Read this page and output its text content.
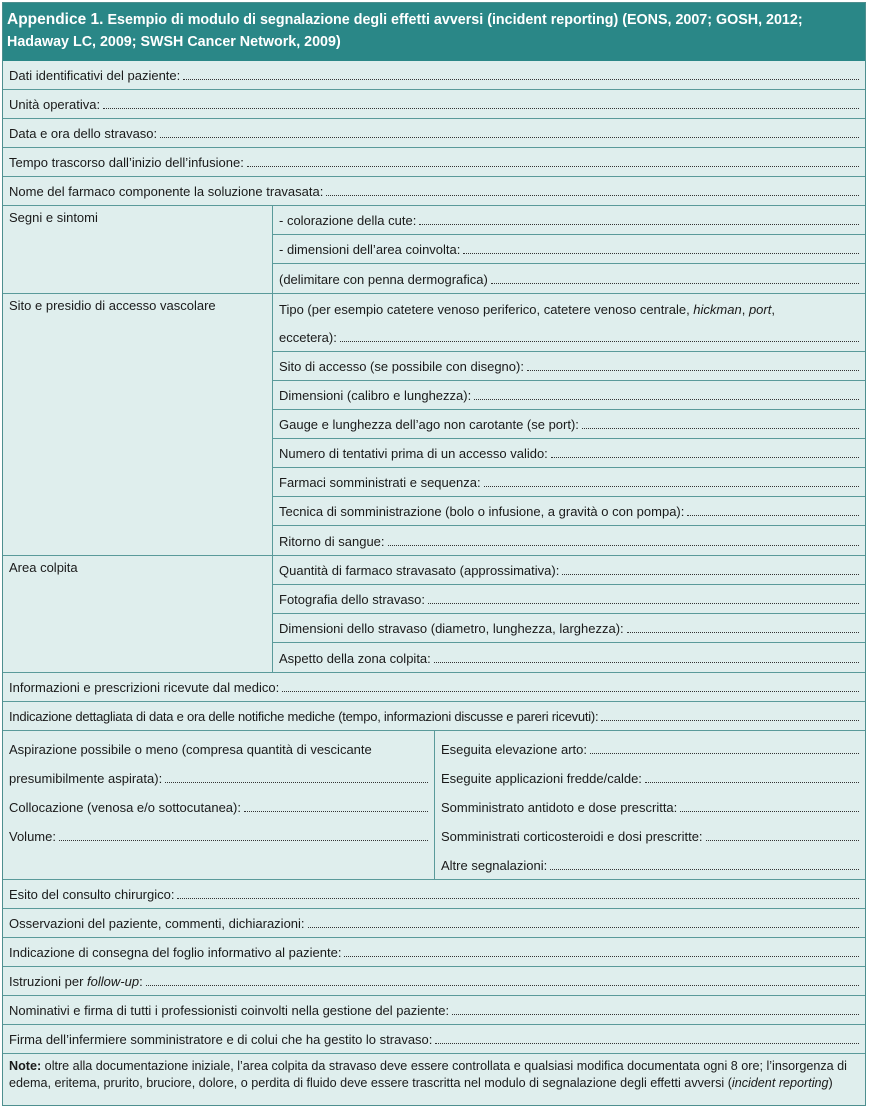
Appendice 1. Esempio di modulo di segnalazione degli effetti avversi (incident reporting) (EONS, 2007; GOSH, 2012; Hadaway LC, 2009; SWSH Cancer Network, 2009)
Dati identificativi del paziente:
Unità operativa:
Data e ora dello stravaso:
Tempo trascorso dall’inizio dell’infusione:
Nome del farmaco componente la soluzione travasata:
Segni e sintomi	- colorazione della cute:
- dimensioni dell’area coinvolta:
(delimitare con penna dermografica)
Sito e presidio di accesso vascolare	Tipo (per esempio catetere venoso periferico, catetere venoso centrale, hickman, port,
eccetera):
Sito di accesso (se possibile con disegno):
Dimensioni (calibro e lunghezza):
Gauge e lunghezza dell’ago non carotante (se port):
Numero di tentativi prima di un accesso valido:
Farmaci somministrati e sequenza:
Tecnica di somministrazione (bolo o infusione, a gravità o con pompa):
Ritorno di sangue:
Area colpita	Quantità di farmaco stravasato (approssimativa):
Fotografia dello stravaso:
Dimensioni dello stravaso (diametro, lunghezza, larghezza):
Aspetto della zona colpita:
Informazioni e prescrizioni ricevute dal medico:
Indicazione dettagliata di data e ora delle notifiche mediche (tempo, informazioni discusse e pareri ricevuti):
Aspirazione possibile o meno (compresa quantità di vescicante
presumibilmente aspirata):
Collocazione (venosa e/o sottocutanea):
Volume:
Eseguita elevazione arto:
Eseguite applicazioni fredde/calde:
Somministrato antidoto e dose prescritta:
Somministrati corticosteroidi e dosi prescritte:
Altre segnalazioni:
Esito del consulto chirurgico:
Osservazioni del paziente, commenti, dichiarazioni:
Indicazione di consegna del foglio informativo al paziente:
Istruzioni per follow-up:
Nominativi e firma di tutti i professionisti coinvolti nella gestione del paziente:
Firma dell’infermiere somministratore e di colui che ha gestito lo stravaso:
Note: oltre alla documentazione iniziale, l’area colpita da stravaso deve essere controllata e qualsiasi modifica documentata ogni 8 ore; l’insorgenza di edema, eritema, prurito, bruciore, dolore, o perdita di fluido deve essere trascritta nel modulo di segnalazione degli effetti avversi (incident reporting)
